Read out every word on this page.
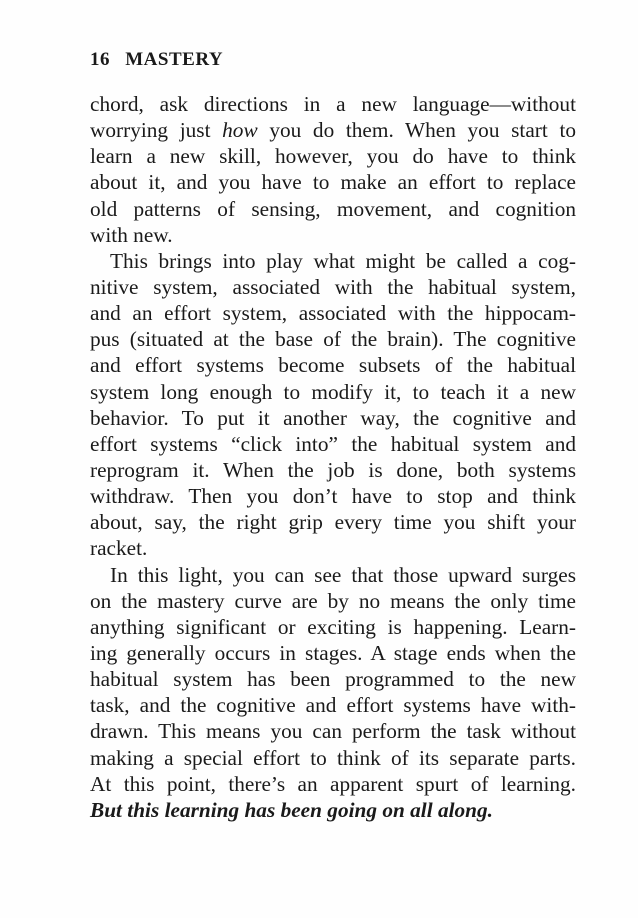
16 MASTERY
chord, ask directions in a new language—without
worrying just how you do them. When you start to
learn a new skill, however, you do have to think
about it, and you have to make an effort to replace
old patterns of sensing, movement, and cognition
with new.
This brings into play what might be called a cog-
nitive system, associated with the habitual system,
and an effort system, associated with the hippocam-
pus (situated at the base of the brain). The cognitive
and effort systems become subsets of the habitual
system long enough to modify it, to teach it a new
behavior. To put it another way, the cognitive and
effort systems “click into” the habitual system and
reprogram it. When the job is done, both systems
withdraw. Then you don’t have to stop and think
about, say, the right grip every time you shift your
racket.
In this light, you can see that those upward surges
on the mastery curve are by no means the only time
anything significant or exciting is happening. Learn-
ing generally occurs in stages. A stage ends when the
habitual system has been programmed to the new
task, and the cognitive and effort systems have with-
drawn. This means you can perform the task without
making a special effort to think of its separate parts.
At this point, there’s an apparent spurt of learning.
But this learning has been going on all along.
